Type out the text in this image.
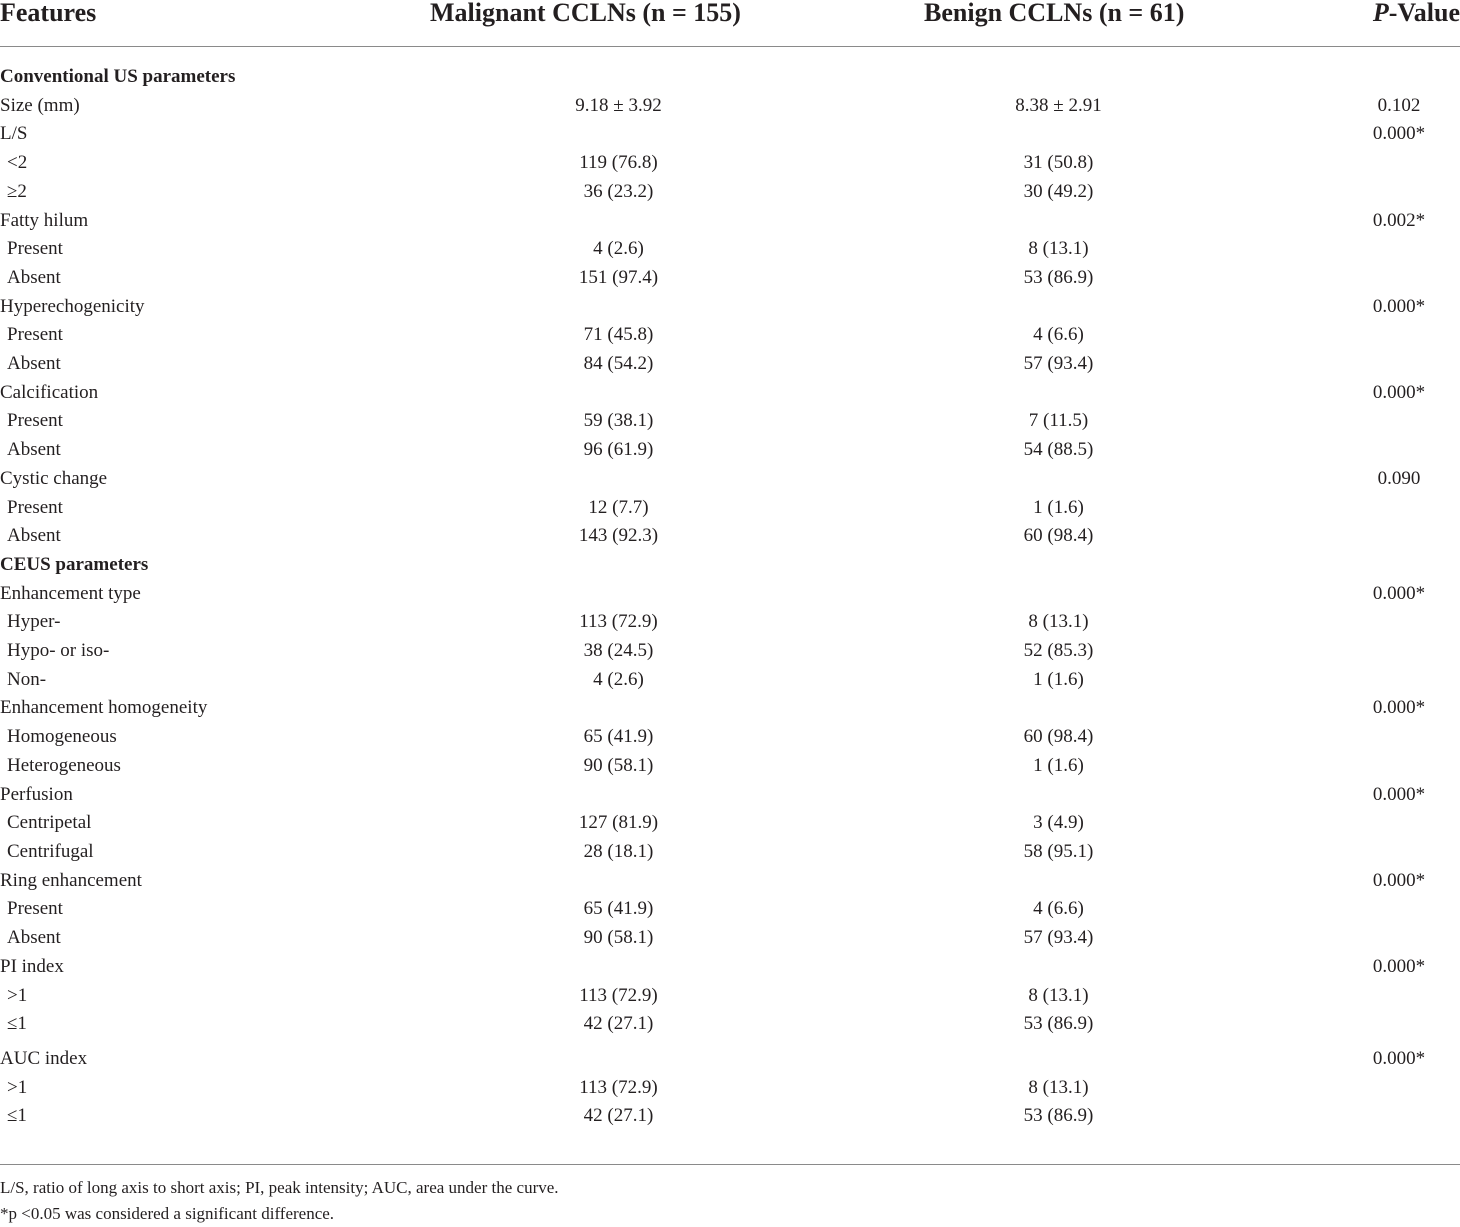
Features	Malignant CCLNs (n = 155)	Benign CCLNs (n = 61)	P-Value

Conventional US parameters			
Size (mm)	9.18 ± 3.92	8.38 ± 2.91	0.102
L/S			0.000*
<2	119 (76.8)	31 (50.8)	
≥2	36 (23.2)	30 (49.2)	
Fatty hilum			0.002*
Present	4 (2.6)	8 (13.1)	
Absent	151 (97.4)	53 (86.9)	
Hyperechogenicity			0.000*
Present	71 (45.8)	4 (6.6)	
Absent	84 (54.2)	57 (93.4)	
Calcification			0.000*
Present	59 (38.1)	7 (11.5)	
Absent	96 (61.9)	54 (88.5)	
Cystic change			0.090
Present	12 (7.7)	1 (1.6)	
Absent	143 (92.3)	60 (98.4)	
CEUS parameters			
Enhancement type			0.000*
Hyper-	113 (72.9)	8 (13.1)	
Hypo- or iso-	38 (24.5)	52 (85.3)	
Non-	4 (2.6)	1 (1.6)	
Enhancement homogeneity			0.000*
Homogeneous	65 (41.9)	60 (98.4)	
Heterogeneous	90 (58.1)	1 (1.6)	
Perfusion			0.000*
Centripetal	127 (81.9)	3 (4.9)	
Centrifugal	28 (18.1)	58 (95.1)	
Ring enhancement			0.000*
Present	65 (41.9)	4 (6.6)	
Absent	90 (58.1)	57 (93.4)	
PI index			0.000*
>1	113 (72.9)	8 (13.1)	
≤1	42 (27.1)	53 (86.9)	

AUC index			0.000*
>1	113 (72.9)	8 (13.1)	
≤1	42 (27.1)	53 (86.9)	

L/S, ratio of long axis to short axis; PI, peak intensity; AUC, area under the curve.
*p <0.05 was considered a significant difference.
